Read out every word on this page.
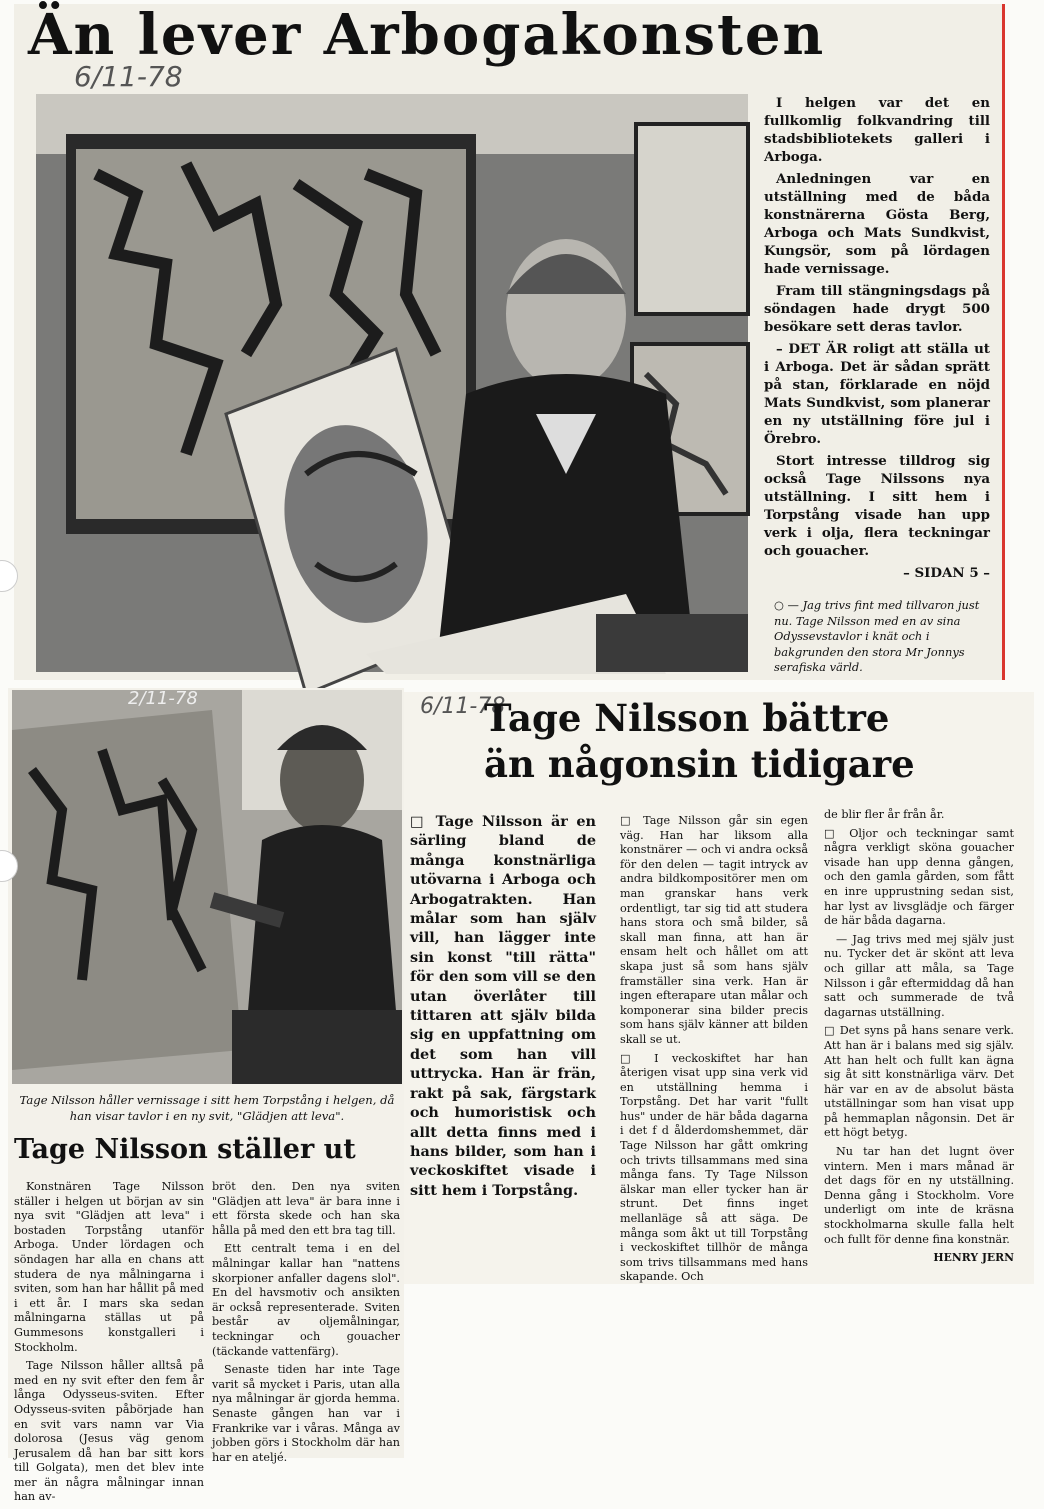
Än lever Arbogakonsten
6/11-78

I helgen var det en fullkomlig folkvandring till stadsbibliotekets galleri i Arboga.

Anledningen var en utställning med de båda konstnärerna Gösta Berg, Arboga och Mats Sundkvist, Kungsör, som på lördagen hade vernissage.

Fram till stängningsdags på söndagen hade drygt 500 besökare sett deras tavlor.

– DET ÄR roligt att ställa ut i Arboga. Det är sådan sprätt på stan, förklarade en nöjd Mats Sundkvist, som planerar en ny utställning före jul i Örebro.

Stort intresse tilldrog sig också Tage Nilssons nya utställning. I sitt hem i Torpstång visade han upp verk i olja, flera teckningar och gouacher.

– SIDAN 5 –

○ — Jag trivs fint med tillvaron just nu. Tage Nilsson med en av sina Odyssevstavlor i knät och i bakgrunden den stora Mr Jonnys serafiska värld.
2/11-78
Tage Nilsson håller vernissage i sitt hem Torpstång i helgen, då han visar tavlor i en ny svit, "Glädjen att leva".
Tage Nilsson ställer ut

Konstnären Tage Nilsson ställer i helgen ut början av sin nya svit "Glädjen att leva" i bostaden Torpstång utanför Arboga. Under lördagen och söndagen har alla en chans att studera de nya målningarna i sviten, som han har hållit på med i ett år. I mars ska sedan målningarna ställas ut på Gummesons konstgalleri i Stockholm.

Tage Nilsson håller alltså på med en ny svit efter den fem år långa Odysseus-sviten. Efter Odysseus-sviten påbörjade han en svit vars namn var Via dolorosa (Jesus väg genom Jerusalem då han bar sitt kors till Golgata), men det blev inte mer än några målningar innan han av-

bröt den. Den nya sviten "Glädjen att leva" är bara inne i ett första skede och han ska hålla på med den ett bra tag till.

Ett centralt tema i en del målningar kallar han "nattens skorpioner anfaller dagens slol". En del havsmotiv och ansikten är också representerade. Sviten består av oljemålningar, teckningar och gouacher (täckande vattenfärg).

Senaste tiden har inte Tage varit så mycket i Paris, utan alla nya målningar är gjorda hemma. Senaste gången han var i Frankrike var i våras. Många av jobben görs i Stockholm där han har en ateljé.

6/11-78
Tage Nilsson bättre
än någonsin tidigare

□ Tage Nilsson är en särling bland de många konstnärliga utövarna i Arboga och Arbogatrakten. Han målar som han själv vill, han lägger inte sin konst "till rätta" för den som vill se den utan överlåter till tittaren att själv bilda sig en uppfattning om det som han vill uttrycka. Han är frän, rakt på sak, färgstark och humoristisk och allt detta finns med i hans bilder, som han i veckoskiftet visade i sitt hem i Torpstång.

□ Tage Nilsson går sin egen väg. Han har liksom alla konstnärer — och vi andra också för den delen — tagit intryck av andra bildkompositörer men om man granskar hans verk ordentligt, tar sig tid att studera hans stora och små bilder, så skall man finna, att han är ensam helt och hållet om att skapa just så som hans själv framställer sina verk. Han är ingen efterapare utan målar och komponerar sina bilder precis som hans själv känner att bilden skall se ut.

□ I veckoskiftet har han återigen visat upp sina verk vid en utställning hemma i Torpstång. Det har varit "fullt hus" under de här båda dagarna i det f d ålderdomshemmet, där Tage Nilsson har gått omkring och trivts tillsammans med sina många fans. Ty Tage Nilsson älskar man eller tycker han är strunt. Det finns inget mellanläge så att säga. De många som åkt ut till Torpstång i veckoskiftet tillhör de många som trivs tillsammans med hans skapande. Och

de blir fler år från år.

□ Oljor och teckningar samt några verkligt sköna gouacher visade han upp denna gången, och den gamla gården, som fått en inre upprustning sedan sist, har lyst av livsglädje och färger de här båda dagarna.

— Jag trivs med mej själv just nu. Tycker det är skönt att leva och gillar att måla, sa Tage Nilsson i går eftermiddag då han satt och summerade de två dagarnas utställning.

□ Det syns på hans senare verk. Att han är i balans med sig själv. Att han helt och fullt kan ägna sig åt sitt konstnärliga värv. Det här var en av de absolut bästa utställningar som han visat upp på hemmaplan någonsin. Det är ett högt betyg.

Nu tar han det lugnt över vintern. Men i mars månad är det dags för en ny utställning. Denna gång i Stockholm. Vore underligt om inte de kräsna stockholmarna skulle falla helt och fullt för denne fina konstnär.

HENRY JERN
